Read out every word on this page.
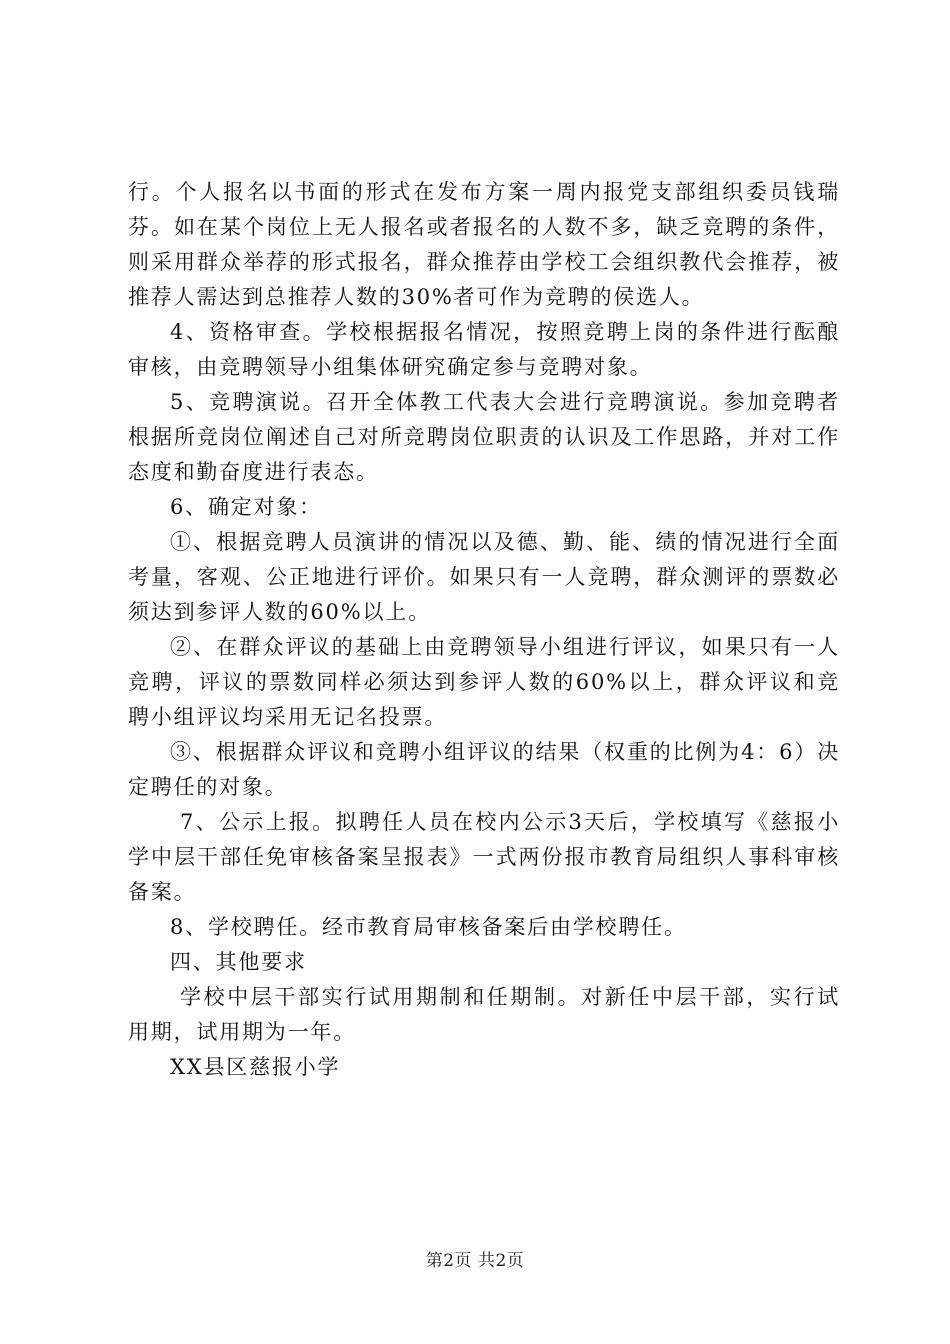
行。个人报名以书面的形式在发布方案一周内报党支部组织委员钱瑞芬。如在某个岗位上无人报名或者报名的人数不多，缺乏竞聘的条件，则采用群众举荐的形式报名，群众推荐由学校工会组织教代会推荐，被推荐人需达到总推荐人数的30%者可作为竞聘的侯选人。

4、资格审查。学校根据报名情况，按照竞聘上岗的条件进行酝酿审核，由竞聘领导小组集体研究确定参与竞聘对象。

5、竞聘演说。召开全体教工代表大会进行竞聘演说。参加竞聘者根据所竞岗位阐述自己对所竞聘岗位职责的认识及工作思路，并对工作态度和勤奋度进行表态。

6、确定对象：

①、根据竞聘人员演讲的情况以及德、勤、能、绩的情况进行全面考量，客观、公正地进行评价。如果只有一人竞聘，群众测评的票数必须达到参评人数的60%以上。

②、在群众评议的基础上由竞聘领导小组进行评议，如果只有一人竞聘，评议的票数同样必须达到参评人数的60%以上，群众评议和竞聘小组评议均采用无记名投票。

③、根据群众评议和竞聘小组评议的结果（权重的比例为4：6）决定聘任的对象。

7、公示上报。拟聘任人员在校内公示3天后，学校填写《慈报小学中层干部任免审核备案呈报表》一式两份报市教育局组织人事科审核备案。

8、学校聘任。经市教育局审核备案后由学校聘任。

四、其他要求

学校中层干部实行试用期制和任期制。对新任中层干部，实行试用期，试用期为一年。

XX县区慈报小学

第2页 共2页
